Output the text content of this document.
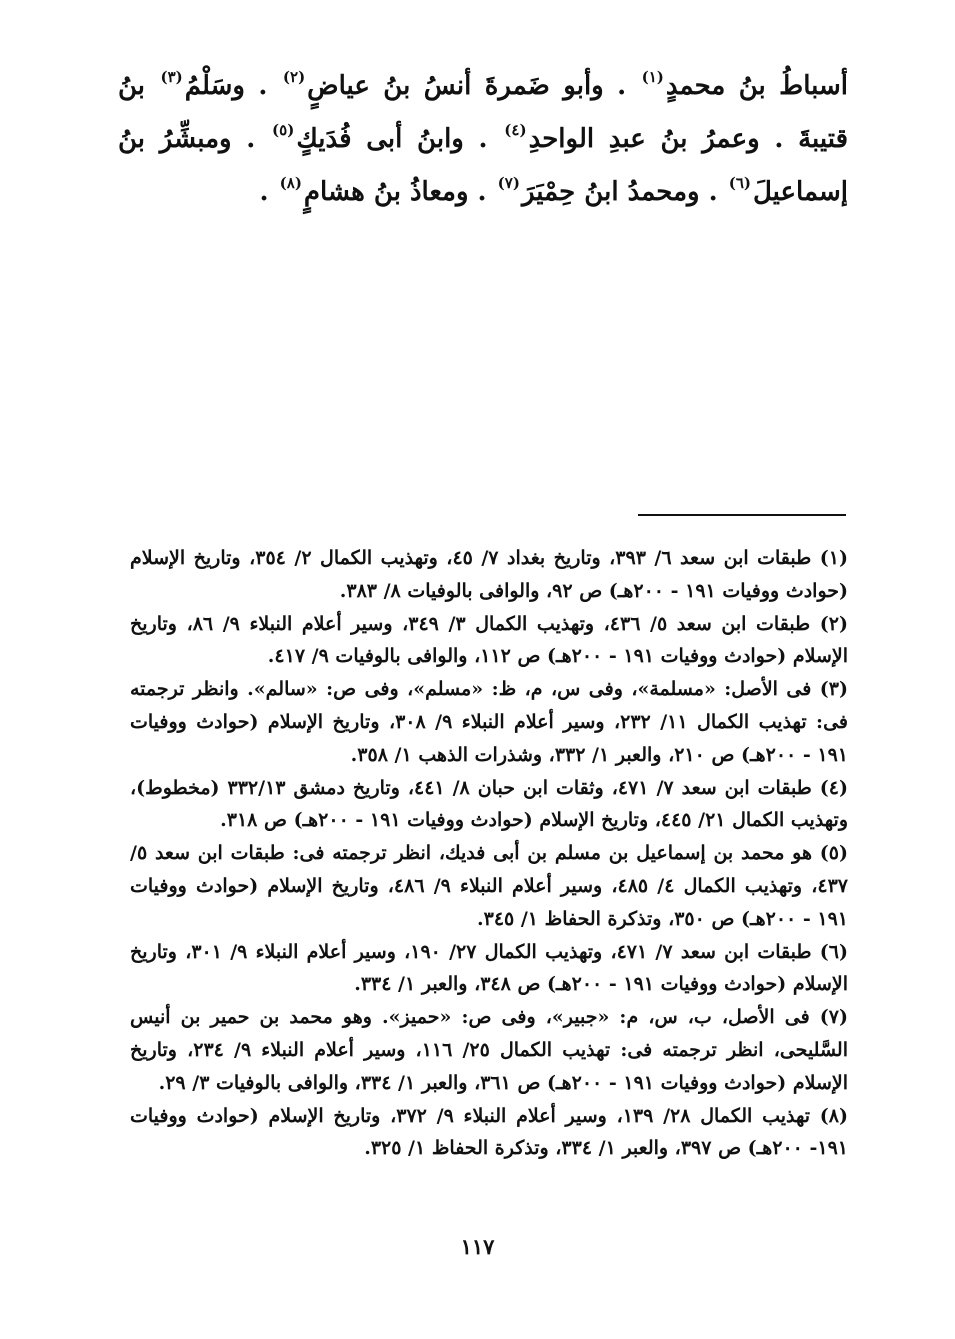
أسباطُ بنُ محمدٍ$^{(١)}$ . وأبو ضَمرةَ أنسُ بنُ عياضٍ$^{(٢)}$ . وسَلْمُ$^{(٣)}$ بنُ قتيبةَ . وعمرُ بنُ عبدِ الواحدِ$^{(٤)}$ . وابنُ أبى فُدَيكٍ$^{(٥)}$ . ومبشِّرُ بنُ إسماعيلَ$^{(٦)}$ . ومحمدُ ابنُ حِمْيَرَ$^{(٧)}$ . ومعاذُ بنُ هشامٍ$^{(٨)}$ .

(١) طبقات ابن سعد ٦/ ٣٩٣، وتاريخ بغداد ٧/ ٤٥، وتهذيب الكمال ٢/ ٣٥٤، وتاريخ الإسلام (حوادث ووفيات ١٩١ - ٢٠٠هـ) ص ٩٢، والوافى بالوفيات ٨/ ٣٨٣.

(٢) طبقات ابن سعد ٥/ ٤٣٦، وتهذيب الكمال ٣/ ٣٤٩، وسير أعلام النبلاء ٩/ ٨٦، وتاريخ الإسلام (حوادث ووفيات ١٩١ - ٢٠٠هـ) ص ١١٢، والوافى بالوفيات ٩/ ٤١٧.

(٣) فى الأصل: «مسلمة»، وفى س، م، ظ: «مسلم»، وفى ص: «سالم». وانظر ترجمته فى: تهذيب الكمال ١١/ ٢٣٢، وسير أعلام النبلاء ٩/ ٣٠٨، وتاريخ الإسلام (حوادث ووفيات ١٩١ - ٢٠٠هـ) ص ٢١٠، والعبر ١/ ٣٣٢، وشذرات الذهب ١/ ٣٥٨.

(٤) طبقات ابن سعد ٧/ ٤٧١، وثقات ابن حبان ٨/ ٤٤١، وتاريخ دمشق ٣٣٢/١٣ (مخطوط)، وتهذيب الكمال ٢١/ ٤٤٥، وتاريخ الإسلام (حوادث ووفيات ١٩١ - ٢٠٠هـ) ص ٣١٨.

(٥) هو محمد بن إسماعيل بن مسلم بن أبى فديك، انظر ترجمته فى: طبقات ابن سعد ٥/ ٤٣٧، وتهذيب الكمال ٤/ ٤٨٥، وسير أعلام النبلاء ٩/ ٤٨٦، وتاريخ الإسلام (حوادث ووفيات ١٩١ - ٢٠٠هـ) ص ٣٥٠، وتذكرة الحفاظ ١/ ٣٤٥.

(٦) طبقات ابن سعد ٧/ ٤٧١، وتهذيب الكمال ٢٧/ ١٩٠، وسير أعلام النبلاء ٩/ ٣٠١، وتاريخ الإسلام (حوادث ووفيات ١٩١ - ٢٠٠هـ) ص ٣٤٨، والعبر ١/ ٣٣٤.

(٧) فى الأصل، ب، س، م: «جبير»، وفى ص: «حميز». وهو محمد بن حمير بن أنيس السَّليحى، انظر ترجمته فى: تهذيب الكمال ٢٥/ ١١٦، وسير أعلام النبلاء ٩/ ٢٣٤، وتاريخ الإسلام (حوادث ووفيات ١٩١ - ٢٠٠هـ) ص ٣٦١، والعبر ١/ ٣٣٤، والوافى بالوفيات ٣/ ٢٩.

(٨) تهذيب الكمال ٢٨/ ١٣٩، وسير أعلام النبلاء ٩/ ٣٧٢، وتاريخ الإسلام (حوادث ووفيات ١٩١- ٢٠٠هـ) ص ٣٩٧، والعبر ١/ ٣٣٤، وتذكرة الحفاظ ١/ ٣٢٥.

١١٧
